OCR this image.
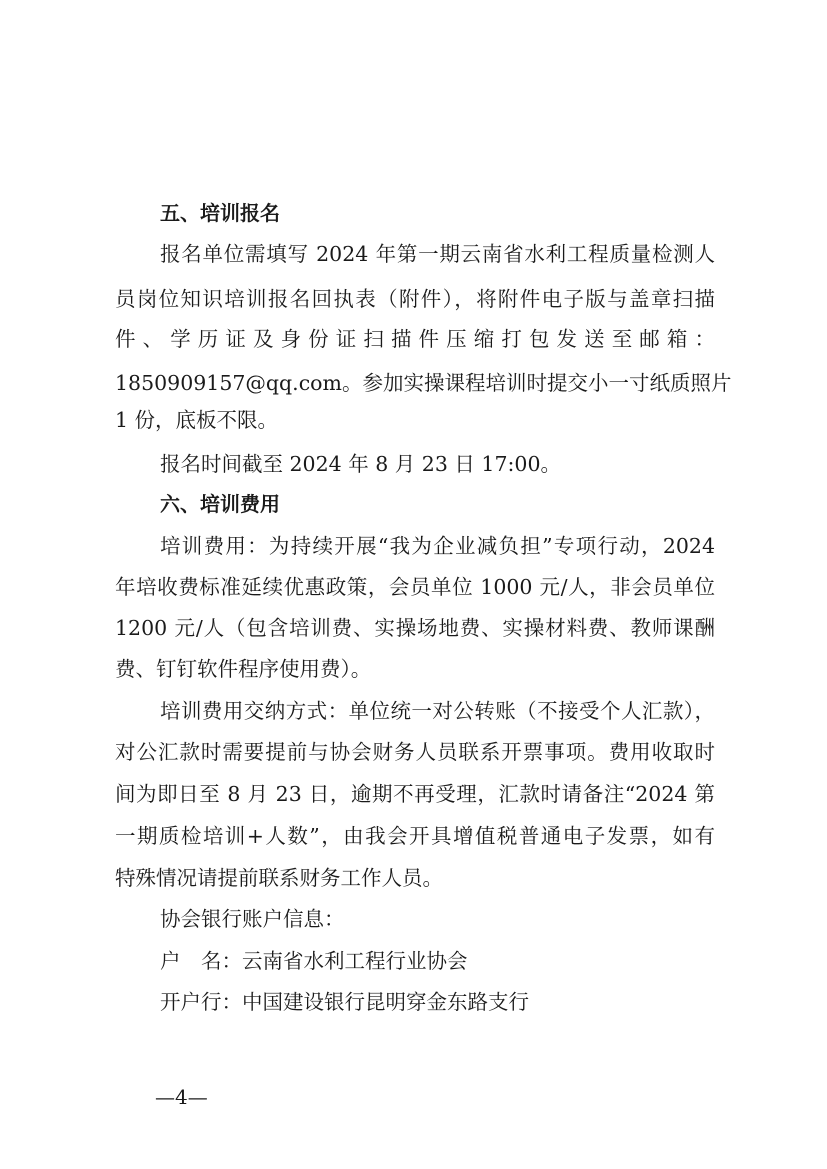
五、培训报名
报名单位需填写 2024 年第一期云南省水利工程质量检测人
员岗位知识培训报名回执表（附件），将附件电子版与盖章扫描
件、学历证及身份证扫描件压缩打包发送至邮箱：
1850909157@qq.com。参加实操课程培训时提交小一寸纸质照片
1 份，底板不限。
报名时间截至 2024 年 8 月 23 日 17:00。
六、培训费用
培训费用：为持续开展“我为企业减负担”专项行动，2024
年培收费标准延续优惠政策，会员单位 1000 元/人，非会员单位
1200 元/人（包含培训费、实操场地费、实操材料费、教师课酬
费、钉钉软件程序使用费）。
培训费用交纳方式：单位统一对公转账（不接受个人汇款），
对公汇款时需要提前与协会财务人员联系开票事项。费用收取时
间为即日至 8 月 23 日，逾期不再受理，汇款时请备注“2024 第
一期质检培训+人数”，由我会开具增值税普通电子发票，如有
特殊情况请提前联系财务工作人员。
协会银行账户信息：
户　名：云南省水利工程行业协会
开户行：中国建设银行昆明穿金东路支行
—4—
